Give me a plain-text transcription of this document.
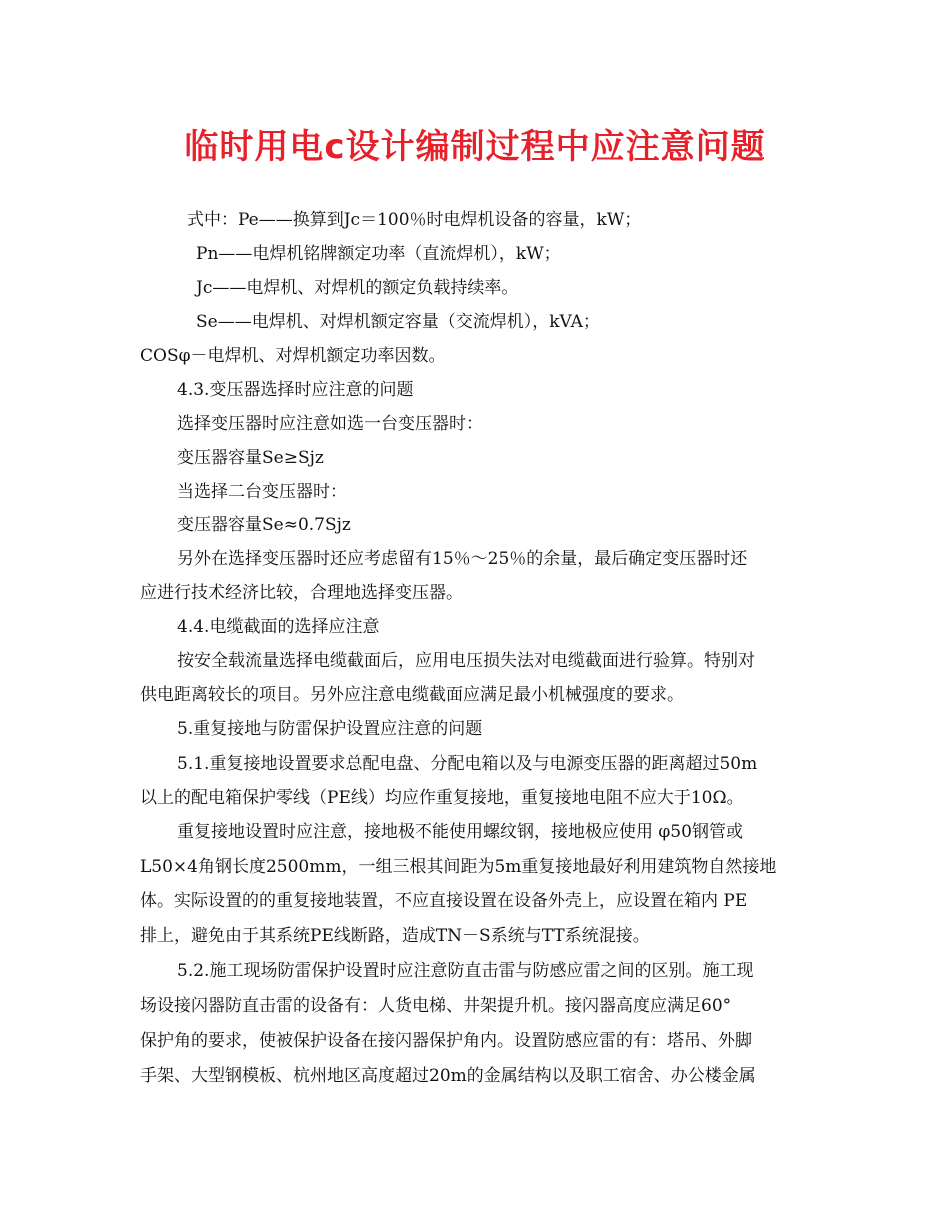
临时用电c设计编制过程中应注意问题
式中：Pe——换算到Jc＝100％时电焊机设备的容量，kW；
Pn——电焊机铭牌额定功率（直流焊机），kW；
Jc——电焊机、对焊机的额定负载持续率。
Se——电焊机、对焊机额定容量（交流焊机），kVA；
COSφ－电焊机、对焊机额定功率因数。
4.3.变压器选择时应注意的问题
选择变压器时应注意如选一台变压器时：
变压器容量Se≥Sjz
当选择二台变压器时：
变压器容量Se≈0.7Sjz
另外在选择变压器时还应考虑留有15％～25％的余量，最后确定变压器时还
应进行技术经济比较，合理地选择变压器。
4.4.电缆截面的选择应注意
按安全载流量选择电缆截面后，应用电压损失法对电缆截面进行验算。特别对
供电距离较长的项目。另外应注意电缆截面应满足最小机械强度的要求。
5.重复接地与防雷保护设置应注意的问题
5.1.重复接地设置要求总配电盘、分配电箱以及与电源变压器的距离超过50m
以上的配电箱保护零线（PE线）均应作重复接地，重复接地电阻不应大于10Ω。
重复接地设置时应注意，接地极不能使用螺纹钢，接地极应使用 φ50钢管或
L50×4角钢长度2500mm，一组三根其间距为5m重复接地最好利用建筑物自然接地
体。实际设置的的重复接地装置，不应直接设置在设备外壳上，应设置在箱内 PE
排上，避免由于其系统PE线断路，造成TN－S系统与TT系统混接。
5.2.施工现场防雷保护设置时应注意防直击雷与防感应雷之间的区别。施工现
场设接闪器防直击雷的设备有：人货电梯、井架提升机。接闪器高度应满足60°
保护角的要求，使被保护设备在接闪器保护角内。设置防感应雷的有：塔吊、外脚
手架、大型钢模板、杭州地区高度超过20m的金属结构以及职工宿舍、办公楼金属
